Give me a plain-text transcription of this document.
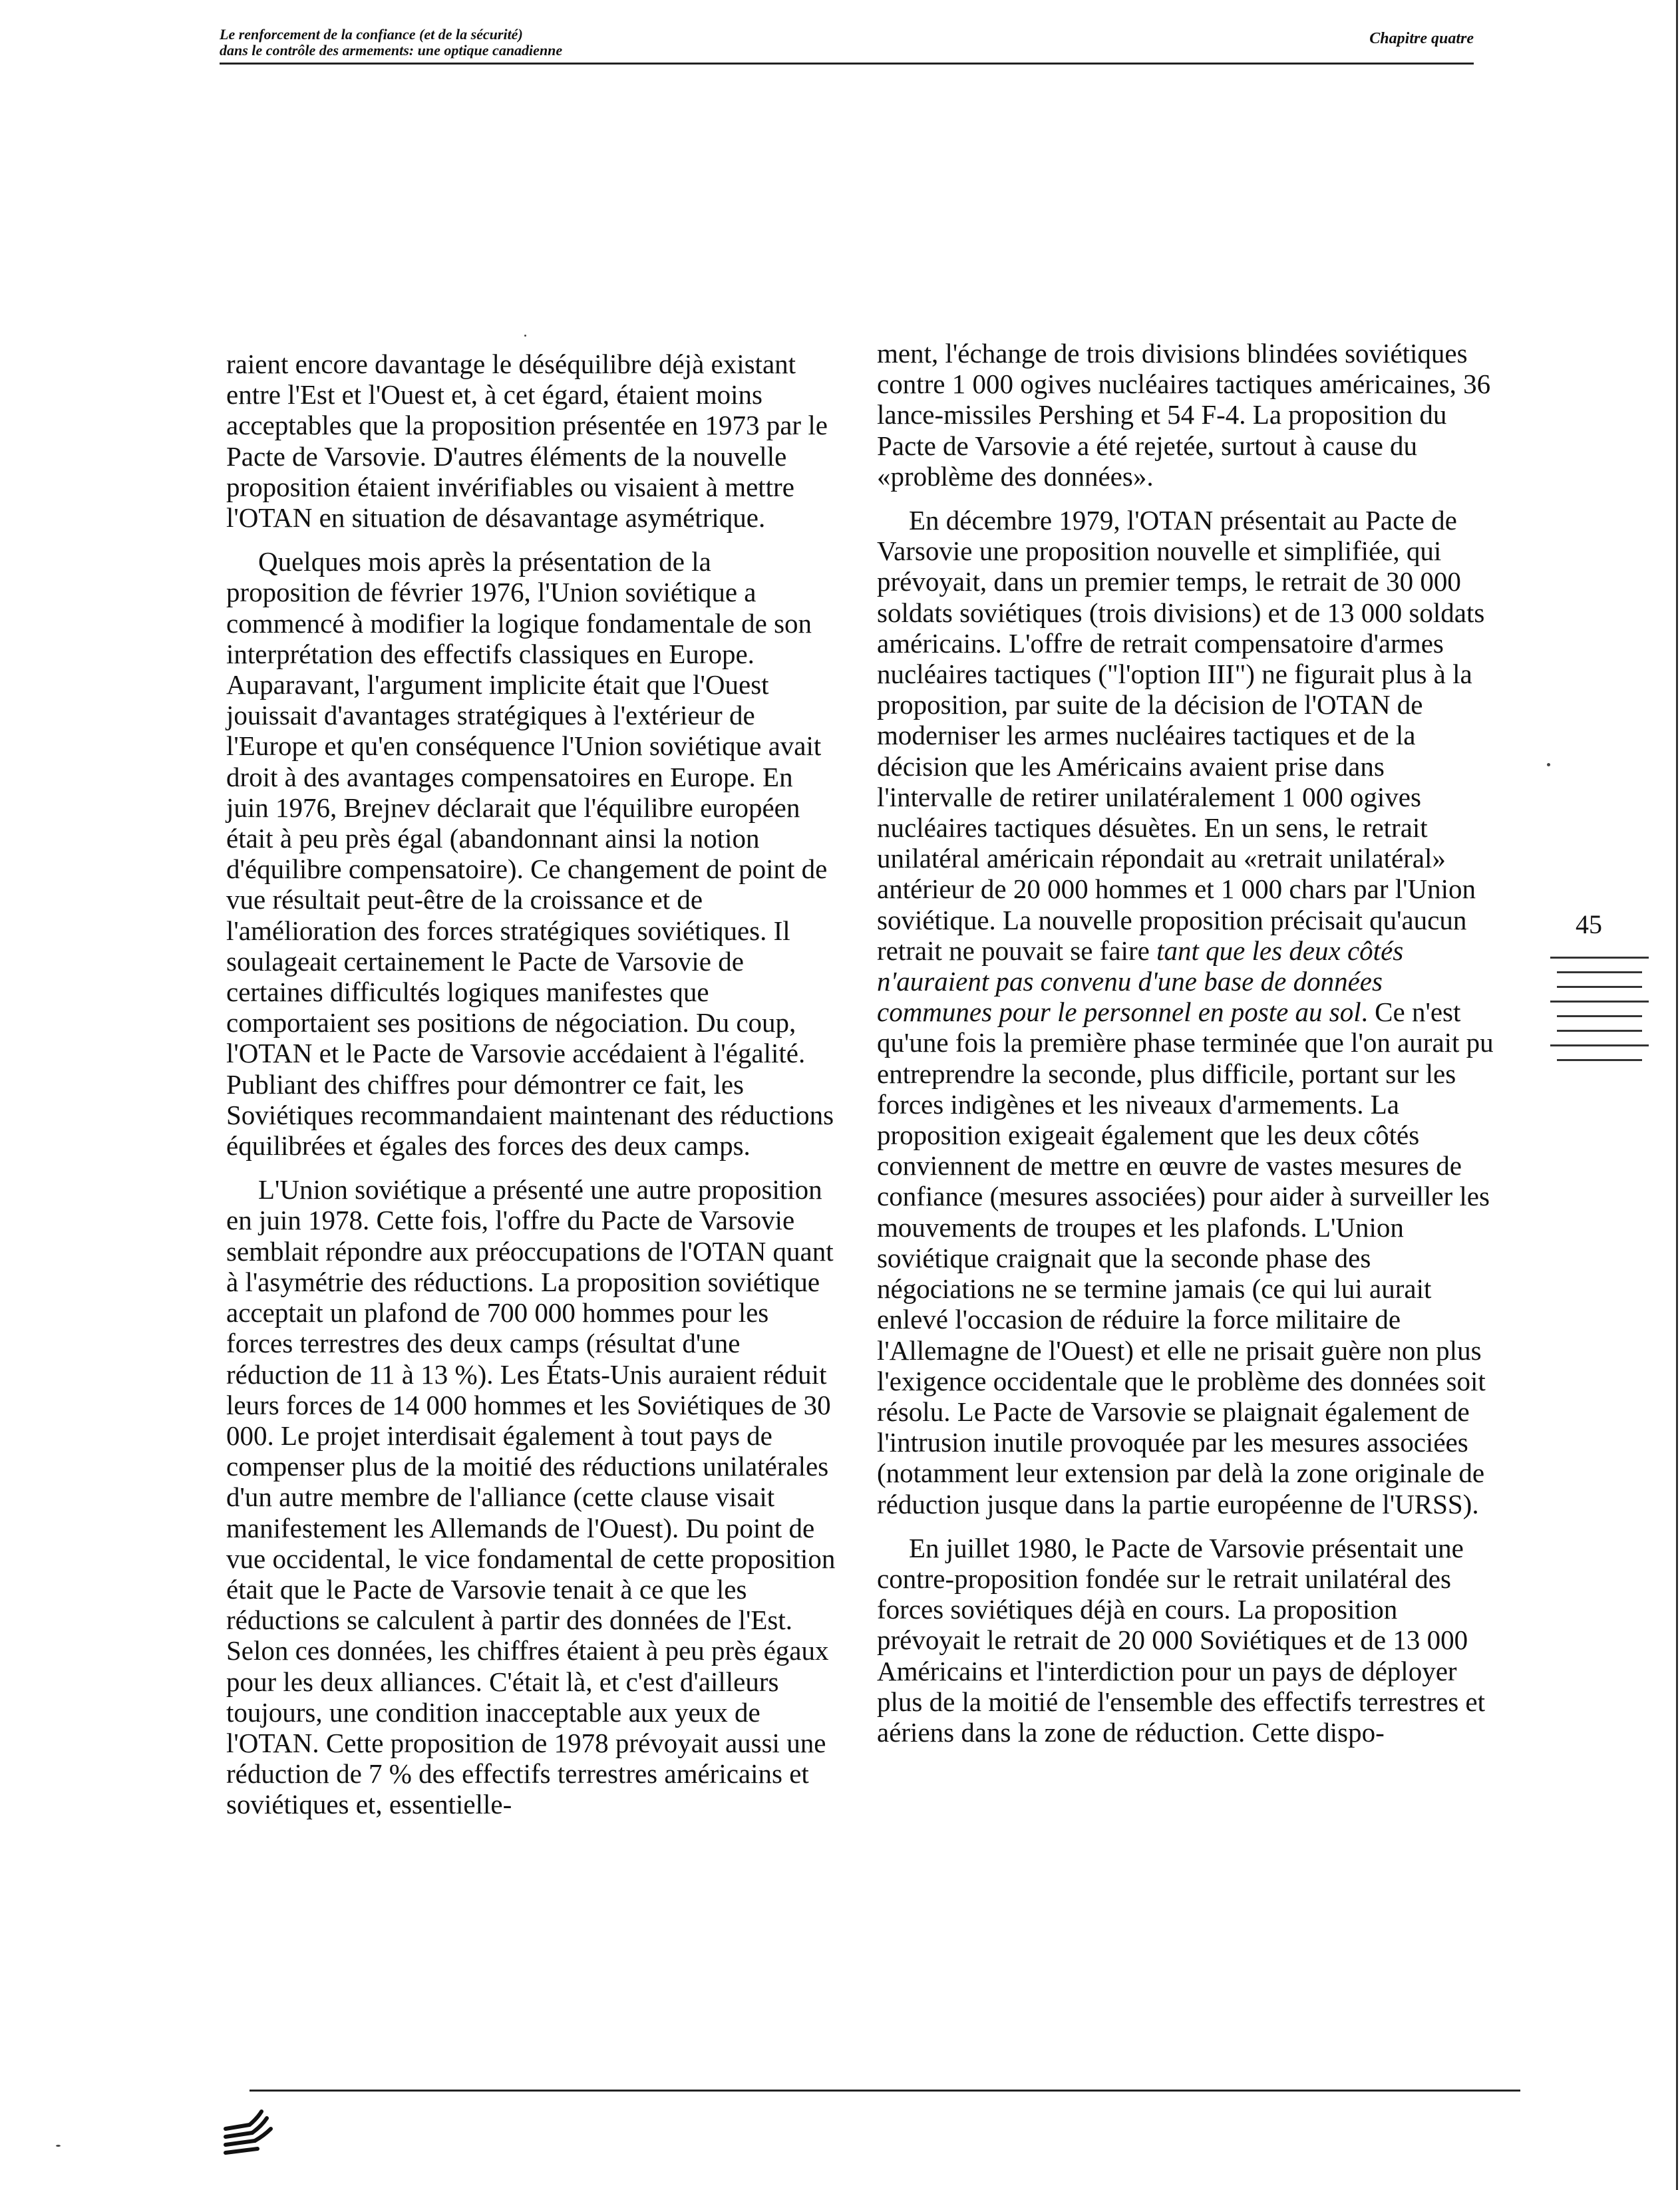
Le renforcement de la confiance (et de la sécurité)
dans le contrôle des armements: une optique canadienne
Chapitre quatre

raient encore davantage le déséquilibre déjà existant entre l'Est et l'Ouest et, à cet égard, étaient moins acceptables que la proposition présentée en 1973 par le Pacte de Varsovie. D'autres éléments de la nouvelle proposition étaient invérifiables ou visaient à mettre l'OTAN en situation de désavantage asymétrique.

Quelques mois après la présentation de la proposition de février 1976, l'Union soviétique a commencé à modifier la logique fondamentale de son interprétation des effectifs classiques en Europe. Auparavant, l'argument implicite était que l'Ouest jouissait d'avantages stratégiques à l'extérieur de l'Europe et qu'en conséquence l'Union soviétique avait droit à des avantages compensatoires en Europe. En juin 1976, Brejnev déclarait que l'équilibre européen était à peu près égal (abandonnant ainsi la notion d'équilibre compensatoire). Ce changement de point de vue résultait peut-être de la croissance et de l'amélioration des forces stratégiques soviétiques. Il soulageait certainement le Pacte de Varsovie de certaines difficultés logiques manifestes que comportaient ses positions de négociation. Du coup, l'OTAN et le Pacte de Varsovie accédaient à l'égalité. Publiant des chiffres pour démontrer ce fait, les Soviétiques recommandaient maintenant des réductions équilibrées et égales des forces des deux camps.

L'Union soviétique a présenté une autre proposition en juin 1978. Cette fois, l'offre du Pacte de Varsovie semblait répondre aux préoccupations de l'OTAN quant à l'asymétrie des réductions. La proposition soviétique acceptait un plafond de 700 000 hommes pour les forces terrestres des deux camps (résultat d'une réduction de 11 à 13 %). Les États-Unis auraient réduit leurs forces de 14 000 hommes et les Soviétiques de 30 000. Le projet interdisait également à tout pays de compenser plus de la moitié des réductions unilatérales d'un autre membre de l'alliance (cette clause visait manifestement les Allemands de l'Ouest). Du point de vue occidental, le vice fondamental de cette proposition était que le Pacte de Varsovie tenait à ce que les réductions se calculent à partir des données de l'Est. Selon ces données, les chiffres étaient à peu près égaux pour les deux alliances. C'était là, et c'est d'ailleurs toujours, une condition inacceptable aux yeux de l'OTAN. Cette proposition de 1978 prévoyait aussi une réduction de 7 % des effectifs terrestres américains et soviétiques et, essentielle-

ment, l'échange de trois divisions blindées soviétiques contre 1 000 ogives nucléaires tactiques américaines, 36 lance-missiles Pershing et 54 F-4. La proposition du Pacte de Varsovie a été rejetée, surtout à cause du «problème des données».

En décembre 1979, l'OTAN présentait au Pacte de Varsovie une proposition nouvelle et simplifiée, qui prévoyait, dans un premier temps, le retrait de 30 000 soldats soviétiques (trois divisions) et de 13 000 soldats américains. L'offre de retrait compensatoire d'armes nucléaires tactiques ("l'option III") ne figurait plus à la proposition, par suite de la décision de l'OTAN de moderniser les armes nucléaires tactiques et de la décision que les Américains avaient prise dans l'intervalle de retirer unilatéralement 1 000 ogives nucléaires tactiques désuètes. En un sens, le retrait unilatéral américain répondait au «retrait unilatéral» antérieur de 20 000 hommes et 1 000 chars par l'Union soviétique. La nouvelle proposition précisait qu'aucun retrait ne pouvait se faire tant que les deux côtés n'auraient pas convenu d'une base de données communes pour le personnel en poste au sol. Ce n'est qu'une fois la première phase terminée que l'on aurait pu entreprendre la seconde, plus difficile, portant sur les forces indigènes et les niveaux d'armements. La proposition exigeait également que les deux côtés conviennent de mettre en œuvre de vastes mesures de confiance (mesures associées) pour aider à surveiller les mouvements de troupes et les plafonds. L'Union soviétique craignait que la seconde phase des négociations ne se termine jamais (ce qui lui aurait enlevé l'occasion de réduire la force militaire de l'Allemagne de l'Ouest) et elle ne prisait guère non plus l'exigence occidentale que le problème des données soit résolu. Le Pacte de Varsovie se plaignait également de l'intrusion inutile provoquée par les mesures associées (notamment leur extension par delà la zone originale de réduction jusque dans la partie européenne de l'URSS).

En juillet 1980, le Pacte de Varsovie présentait une contre-proposition fondée sur le retrait unilatéral des forces soviétiques déjà en cours. La proposition prévoyait le retrait de 20 000 Soviétiques et de 13 000 Américains et l'interdiction pour un pays de déployer plus de la moitié de l'ensemble des effectifs terrestres et aériens dans la zone de réduction. Cette dispo-

45
